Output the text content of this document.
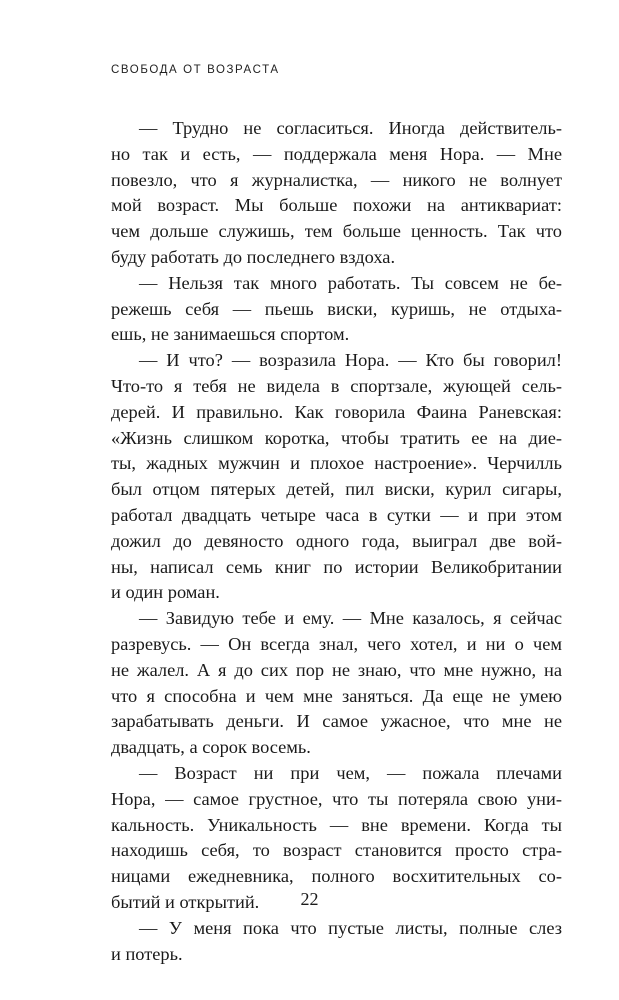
СВОБОДА ОТ ВОЗРАСТА
— Трудно не согласиться. Иногда действитель-
но так и есть, — поддержала меня Нора. — Мне
повезло, что я журналистка, — никого не волнует
мой возраст. Мы больше похожи на антиквариат:
чем дольше служишь, тем больше ценность. Так что
буду работать до последнего вздоха.
— Нельзя так много работать. Ты совсем не бе-
режешь себя — пьешь виски, куришь, не отдыха-
ешь, не занимаешься спортом.
— И что? — возразила Нора. — Кто бы говорил!
Что-то я тебя не видела в спортзале, жующей сель-
дерей. И правильно. Как говорила Фаина Раневская:
«Жизнь слишком коротка, чтобы тратить ее на дие-
ты, жадных мужчин и плохое настроение». Черчилль
был отцом пятерых детей, пил виски, курил сигары,
работал двадцать четыре часа в сутки — и при этом
дожил до девяносто одного года, выиграл две вой-
ны, написал семь книг по истории Великобритании
и один роман.
— Завидую тебе и ему. — Мне казалось, я сейчас
разревусь. — Он всегда знал, чего хотел, и ни о чем
не жалел. А я до сих пор не знаю, что мне нужно, на
что я способна и чем мне заняться. Да еще не умею
зарабатывать деньги. И самое ужасное, что мне не
двадцать, а сорок восемь.
— Возраст ни при чем, — пожала плечами
Нора, — самое грустное, что ты потеряла свою уни-
кальность. Уникальность — вне времени. Когда ты
находишь себя, то возраст становится просто стра-
ницами ежедневника, полного восхитительных со-
бытий и открытий.
— У меня пока что пустые листы, полные слез
и потерь.
22
